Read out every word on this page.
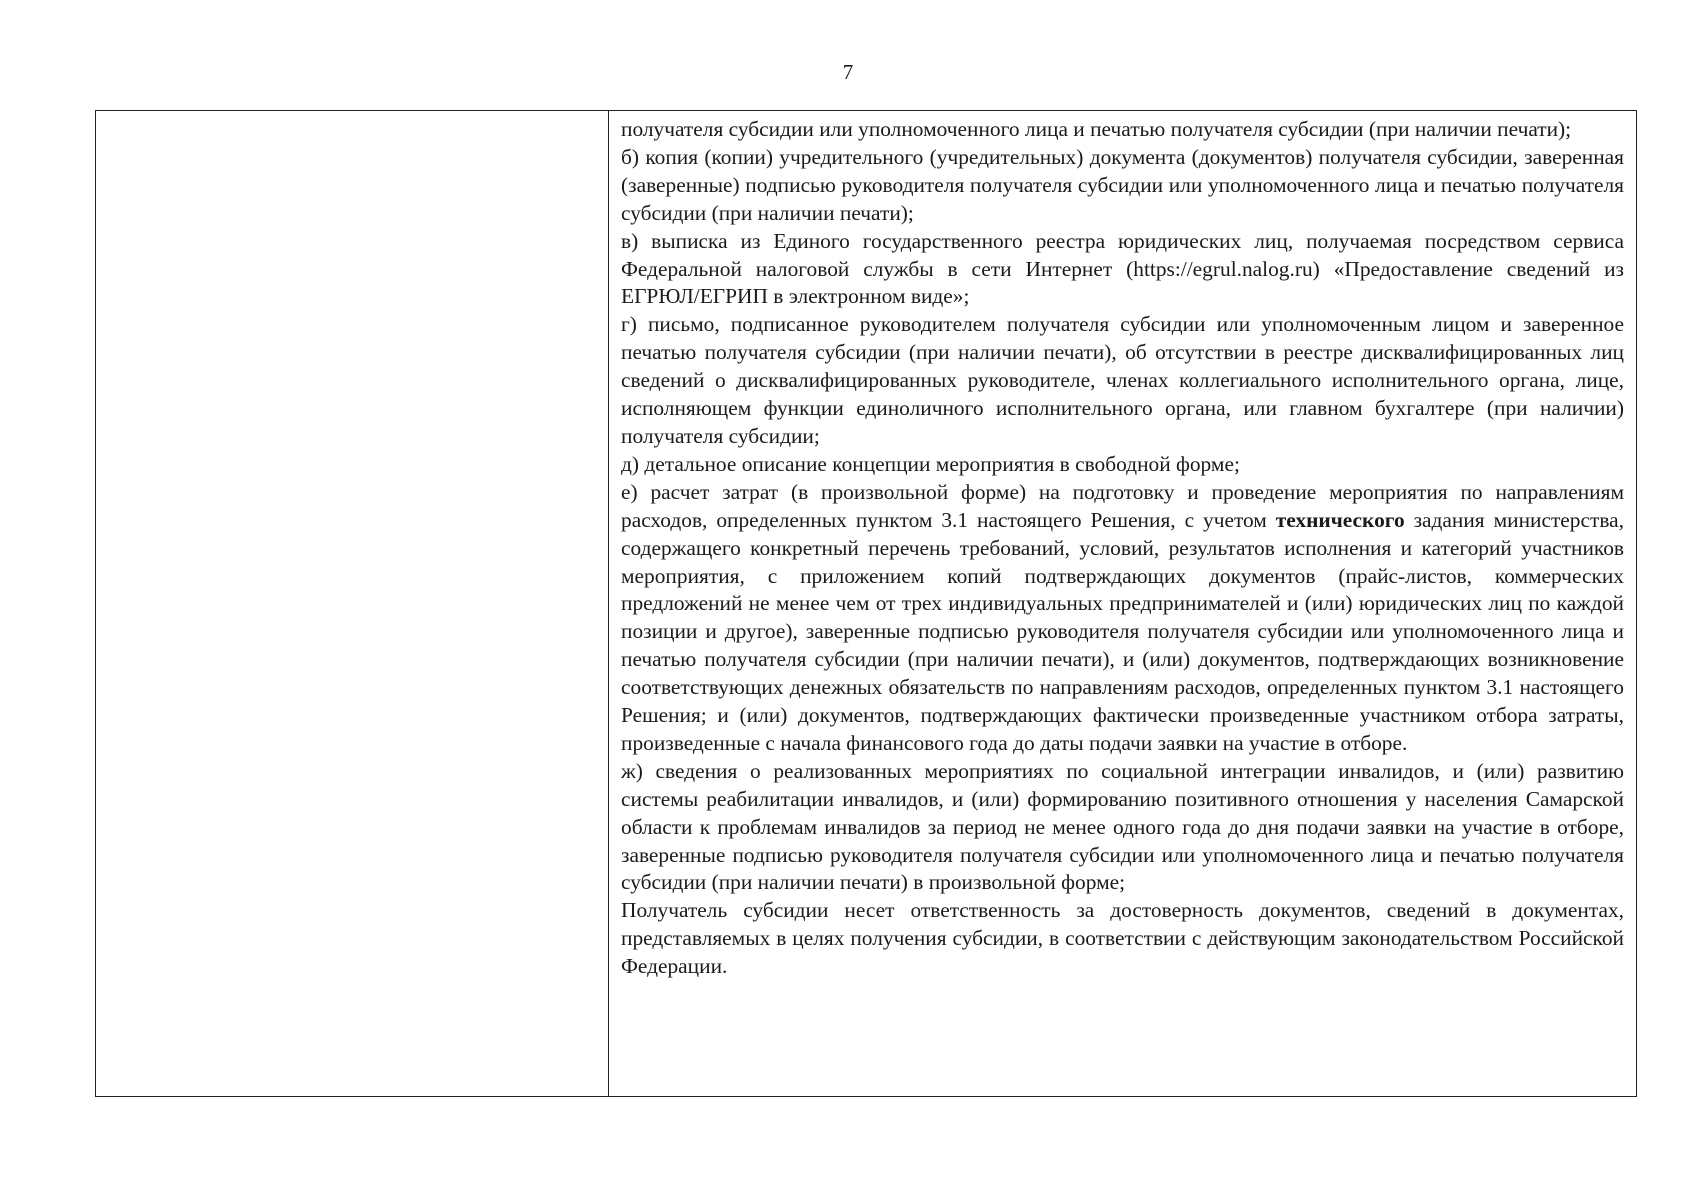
7

получателя субсидии или уполномоченного лица и печатью получателя субсидии (при наличии печати);

б) копия (копии) учредительного (учредительных) документа (документов) получателя субсидии, заверенная (заверенные) подписью руководителя получателя субсидии или уполномоченного лица и печатью получателя субсидии (при наличии печати);

в) выписка из Единого государственного реестра юридических лиц, получаемая посредством сервиса Федеральной налоговой службы в сети Интернет (https://egrul.nalog.ru) «Предоставление сведений из ЕГРЮЛ/ЕГРИП в электронном виде»;

г) письмо, подписанное руководителем получателя субсидии или уполномоченным лицом и заверенное печатью получателя субсидии (при наличии печати), об отсутствии в реестре дисквалифицированных лиц сведений о дисквалифицированных руководителе, членах коллегиального исполнительного органа, лице, исполняющем функции единоличного исполнительного органа, или главном бухгалтере (при наличии) получателя субсидии;

д) детальное описание концепции мероприятия в свободной форме;

е) расчет затрат (в произвольной форме) на подготовку и проведение мероприятия по направлениям расходов, определенных пунктом 3.1 настоящего Решения, с учетом технического задания министерства, содержащего конкретный перечень требований, условий, результатов исполнения и категорий участников мероприятия, с приложением копий подтверждающих документов (прайс-листов, коммерческих предложений не менее чем от трех индивидуальных предпринимателей и (или) юридических лиц по каждой позиции и другое), заверенные подписью руководителя получателя субсидии или уполномоченного лица и печатью получателя субсидии (при наличии печати), и (или) документов, подтверждающих возникновение соответствующих денежных обязательств по направлениям расходов, определенных пунктом 3.1 настоящего Решения; и (или) документов, подтверждающих фактически произведенные участником отбора затраты, произведенные с начала финансового года до даты подачи заявки на участие в отборе.

ж) сведения о реализованных мероприятиях по социальной интеграции инвалидов, и (или) развитию системы реабилитации инвалидов, и (или) формированию позитивного отношения у населения Самарской области к проблемам инвалидов за период не менее одного года до дня подачи заявки на участие в отборе, заверенные подписью руководителя получателя субсидии или уполномоченного лица и печатью получателя субсидии (при наличии печати) в произвольной форме;

Получатель субсидии несет ответственность за достоверность документов, сведений в документах, представляемых в целях получения субсидии, в соответствии с действующим законодательством Российской Федерации.
